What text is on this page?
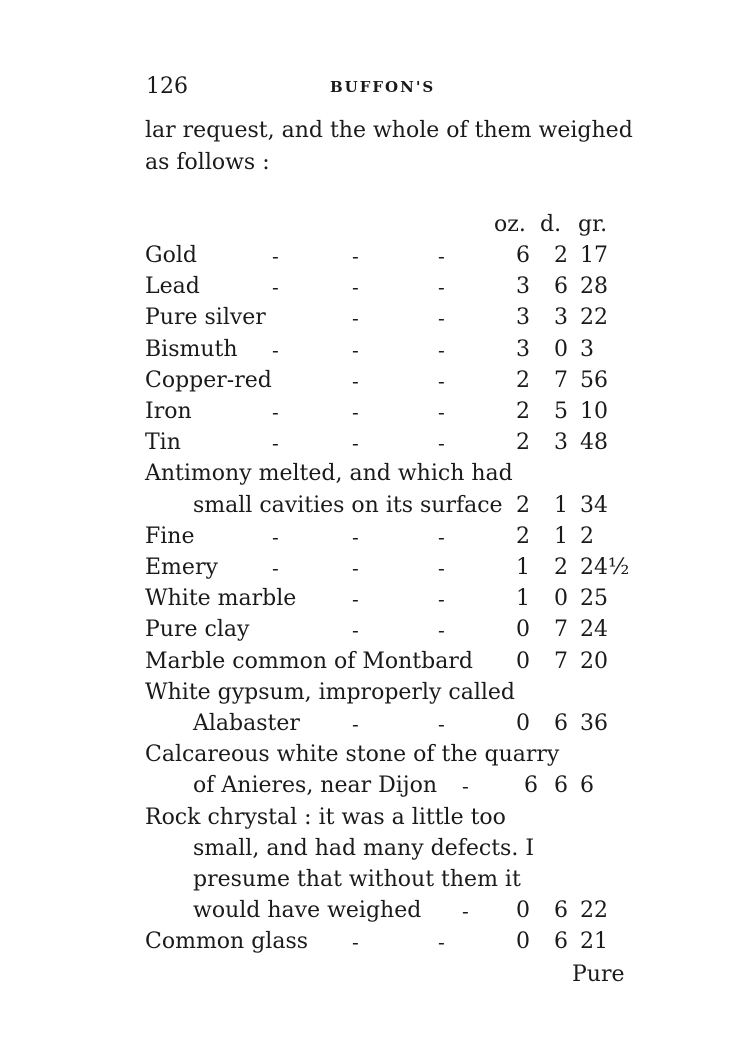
126	BUFFON'S
lar request, and the whole of them weighed
as follows :
oz. d. gr.
Gold	-	-	-	6 2 17
Lead	-	-	-	3 6 28
Pure silver	-	-	3 3 22
Bismuth -	-	-	3 0 3
Copper-red	-	-	2 7 56
Iron	-	-	-	2 5 10
Tin	-	-	-	2 3 48
Antimony melted, and which had
small cavities on its surface 2 1 34
Fine	-	-	-	2 1 2
Emery	-	-	-	1 2 24½
White marble	-	-	1 0 25
Pure clay	-	-	0 7 24
Marble common of Montbard 0 7 20
White gypsum, improperly called
Alabaster	-	-	0 6 36
Calcareous white stone of the quarry
of Anieres, near Dijon -	6 6 6
Rock chrystal : it was a little too
small, and had many defects. I
presume that without them it
would have weighed - 0 6 22
Common glass -	-	0 6 21
Pure
